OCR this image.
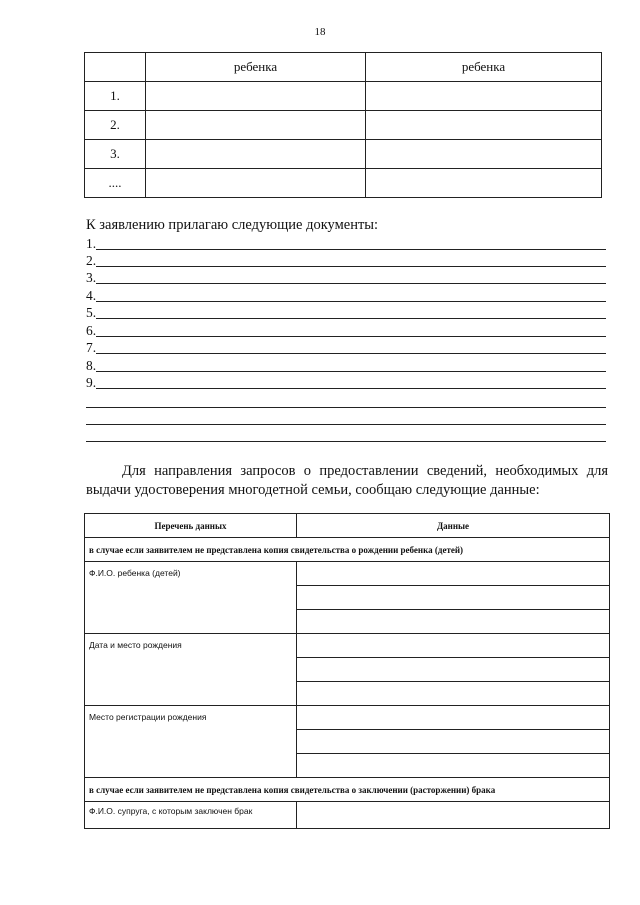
18
	ребенка	ребенка
1.		
2.		
3.		
....		
К заявлению прилагаю следующие документы:
1.
2.
3.
4.
5.
6.
7.
8.
9.
Для направления запросов о предоставлении сведений, необходимых для
выдачи удостоверения многодетной семьи, сообщаю следующие данные:
Перечень данных	Данные
в случае если заявителем не представлена копия свидетельства о рождении ребенка (детей)	
Ф.И.О. ребенка (детей)	

Дата и место рождения	

Место регистрации рождения	

в случае если заявителем не представлена копия свидетельства о заключении (расторжении) брака	
Ф.И.О. супруга, с которым заключен брак	
